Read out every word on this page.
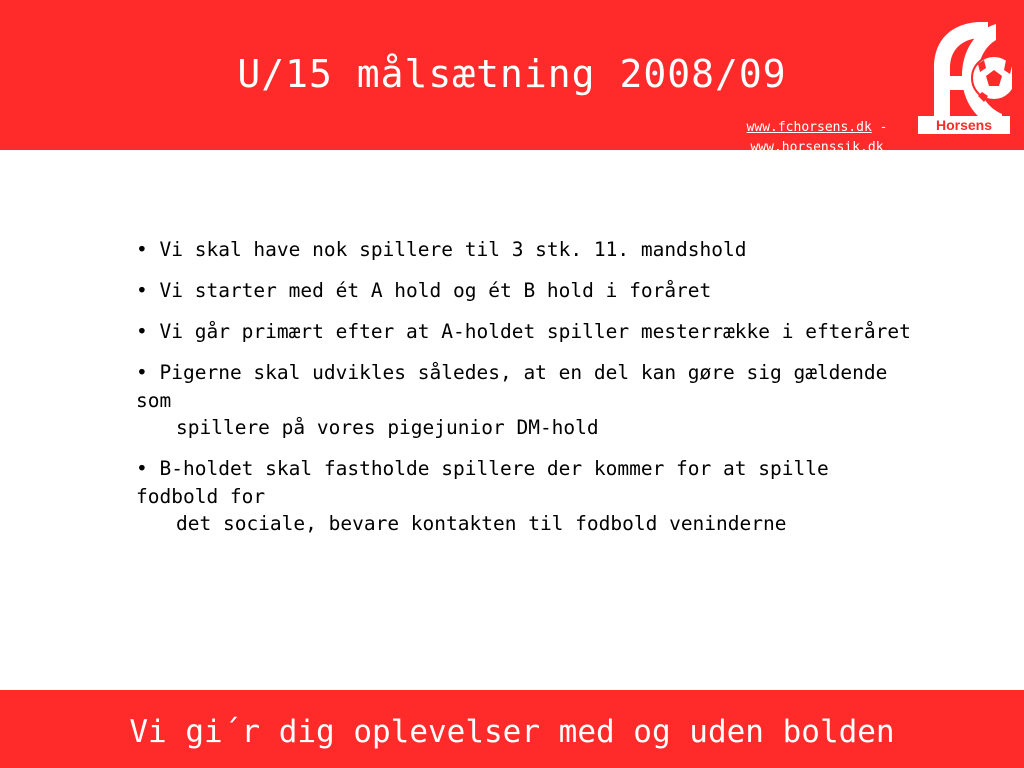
U/15 målsætning 2008/09
www.fchorsens.dk -
www.horsenssik.dk
Horsens
• Vi skal have nok spillere til 3 stk. 11. mandshold
• Vi starter med ét A hold og ét B hold i foråret
• Vi går primært efter at A-holdet spiller mesterrække i efteråret
• Pigerne skal udvikles således, at en del kan gøre sig gældende som
spillere på vores pigejunior DM-hold
• B-holdet skal fastholde spillere der kommer for at spille fodbold for
det sociale, bevare kontakten til fodbold veninderne
Vi gi´r dig oplevelser med og uden bolden
